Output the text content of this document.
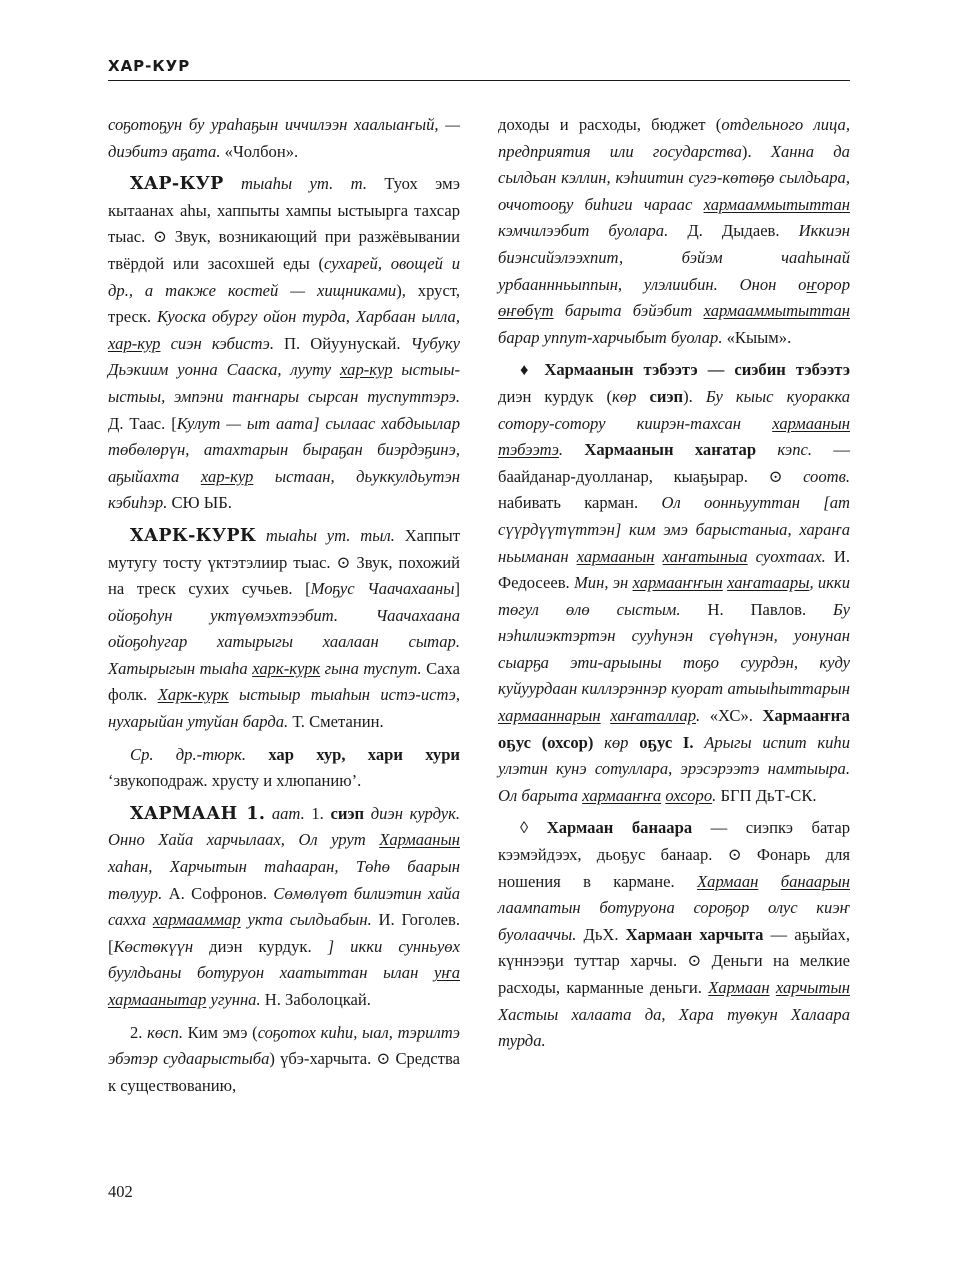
ХАР-КУР

соҕотоҕун бу ураһаҕын иччилээн хаалыаҥый, — диэбитэ аҕата. «Чолбон».

ХАР-КУР тыаһы ут. т. Туох эмэ кытаанах аһы, хаппыты хампы ыстыырга тахсар тыас. ⊙ Звук, возникающий при разжёвывании твёрдой или засохшей еды (сухарей, овощей и др., а также костей — хищниками), хруст, треск. Куоска обургу ойон турда, Харбаан ылла, хар-кур сиэн кэбистэ. П. Ойуунускай. Чубуку Дьэкиим уонна Сааска, лууту хар-кур ыстыы-ыстыы, эмпэни таҥнары сырсан туспуттэрэ. Д. Таас. [Кулут — ыт аата] сылаас хабдыылар төбөлөрүн, атахтарын быраҕан биэрдэҕинэ, аҕыйахта хар-кур ыстаан, дьуккулдьутэн кэбиһэр. СЮ ЫБ.

ХАРК-КУРК тыаһы ут. тыл. Хаппыт мутугу тосту үктэтэлиир тыас. ⊙ Звук, похожий на треск сухих сучьев. [Моҕус Чаачахааны] ойоҕоһун уктүөмэхтээбит. Чаачахаана ойоҕоһугар хатырыгы хаалаан сытар. Хатырыгын тыаһа харк-курк гына туспут. Саха фолк. Харк-курк ыстыыр тыаһын истэ-истэ, нухарыйан утуйан барда. Т. Сметанин.

Ср. др.-тюрк. хар хур, хари хури ‘звукоподраж. хрусту и хлюпанию’.

ХАРМААН 1. аат. 1. сиэп диэн курдук. Онно Хайа харчылаах, Ол урут Хармаанын хаһан, Харчытын таһааран, Төһө баарын төлуур. А. Софронов. Сөмөлүөт билиэтин хайа сахха хармааммар укта сылдьабын. И. Гоголев. [Көстөкүүн диэн курдук. ] икки сунньуөх буулдьаны ботуруон хаатыттан ылан уҥа хармаанытар угунна. Н. Заболоцкай.

2. көсп. Ким эмэ (соҕотох киһи, ыал, тэрилтэ эбэтэр судаарыстыба) үбэ-харчыта. ⊙ Средства к существованию,

доходы и расходы, бюджет (отдельного лица, предприятия или государства). Ханна да сылдьан кэллин, кэһиитин сугэ-көтөҕө сылдьара, оччотооҕу биһиги чараас хармааммытыттан кэмчилээбит буолара. Д. Дыдаев. Иккиэн биэнсийэлээхпит, бэйэм чааһынай урбааннньыппын, улэлиибин. Онон оҥорор өҥөбүт барыта бэйэбит хармааммытыттан барар уппут-харчыбыт буолар. «Кыым».

♦ Хармаанын тэбээтэ — сиэбин тэбээтэ диэн курдук (көр сиэп). Бу кыыс куоракка сотору-сотору киирэн-тахсан хармаанын тэбээтэ. Хармаанын хаҥатар кэпс. — баайданар-дуолланар, кыаҕырар. ⊙ соотв. набивать карман. Ол оонньууттан [ат сүүрдүүтүттэн] ким эмэ барыстаныа, хараҥа ньыманан хармаанын хаҥатыныа суохтаах. И. Федосеев. Мин, эн хармааҥҥын хаҥатаары, икки төгул өлө сыстым. Н. Павлов. Бу нэһилиэктэртэн сууһунэн сүөһүнэн, уонунан сыарҕа эти-арыыны тоҕо суурдэн, куду куйуурдаан киллэрэннэр куорат атыыһыттарын хармааннарын хаҥаталлар. «ХС». Хармааҥҥа оҕус (охсор) көр оҕус I. Арыгы испит киһи улэтин кунэ сотуллара, эрэсэрээтэ намтыыра. Ол барыта хармааҥҥа охсоро. БГП ДьТ-СК.

◊ Хармаан банаара — сиэпкэ батар кээмэйдээх, дьоҕус банаар. ⊙ Фонарь для ношения в кармане. Хармаан банаарын лаампатын ботуруона сороҕор олус киэҥ буолааччы. ДьХ. Хармаан харчыта — аҕыйах, күннээҕи туттар харчы. ⊙ Деньги на мелкие расходы, карманные деньги. Хармаан харчытын Хастыы халаата да, Хара туөкун Халаара турда.

402
